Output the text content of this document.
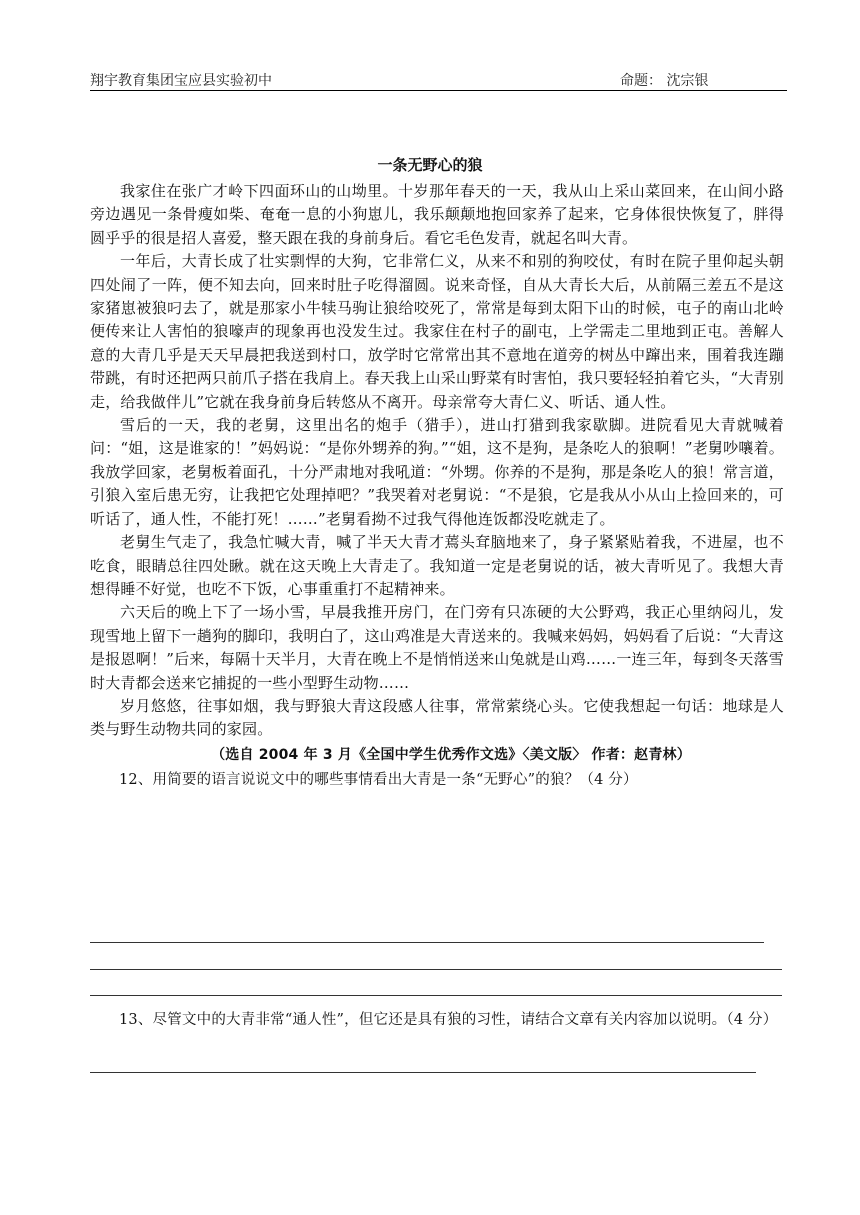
翔宇教育集团宝应县实验初中	命题： 沈宗银
一条无野心的狼

我家住在张广才岭下四面环山的山坳里。十岁那年春天的一天，我从山上采山菜回来，在山间小路旁边遇见一条骨瘦如柴、奄奄一息的小狗崽儿，我乐颠颠地抱回家养了起来，它身体很快恢复了，胖得圆乎乎的很是招人喜爱，整天跟在我的身前身后。看它毛色发青，就起名叫大青。

一年后，大青长成了壮实剽悍的大狗，它非常仁义，从来不和别的狗咬仗，有时在院子里仰起头朝四处闹了一阵，便不知去向，回来时肚子吃得溜圆。说来奇怪，自从大青长大后，从前隔三差五不是这家猪崽被狼叼去了，就是那家小牛犊马驹让狼给咬死了，常常是每到太阳下山的时候，屯子的南山北岭便传来让人害怕的狼嚎声的现象再也没发生过。我家住在村子的副屯，上学需走二里地到正屯。善解人意的大青几乎是天天早晨把我送到村口，放学时它常常出其不意地在道旁的树丛中蹿出来，围着我连蹦带跳，有时还把两只前爪子搭在我肩上。春天我上山采山野菜有时害怕，我只要轻轻拍着它头，“大青别走，给我做伴儿”它就在我身前身后转悠从不离开。母亲常夸大青仁义、听话、通人性。

雪后的一天，我的老舅，这里出名的炮手（猎手），进山打猎到我家歇脚。进院看见大青就喊着问：“姐，这是谁家的！”妈妈说：“是你外甥养的狗。”“姐，这不是狗，是条吃人的狼啊！”老舅吵嚷着。我放学回家，老舅板着面孔，十分严肃地对我吼道：“外甥。你养的不是狗，那是条吃人的狼！常言道，引狼入室后患无穷，让我把它处理掉吧？”我哭着对老舅说：“不是狼，它是我从小从山上捡回来的，可听话了，通人性，不能打死！……”老舅看拗不过我气得他连饭都没吃就走了。

老舅生气走了，我急忙喊大青，喊了半天大青才蔫头耷脑地来了，身子紧紧贴着我，不进屋，也不吃食，眼睛总往四处瞅。就在这天晚上大青走了。我知道一定是老舅说的话，被大青听见了。我想大青想得睡不好觉，也吃不下饭，心事重重打不起精神来。

六天后的晚上下了一场小雪，早晨我推开房门，在门旁有只冻硬的大公野鸡，我正心里纳闷儿，发现雪地上留下一趟狗的脚印，我明白了，这山鸡准是大青送来的。我喊来妈妈，妈妈看了后说：“大青这是报恩啊！”后来，每隔十天半月，大青在晚上不是悄悄送来山兔就是山鸡……一连三年，每到冬天落雪时大青都会送来它捕捉的一些小型野生动物……

岁月悠悠，往事如烟，我与野狼大青这段感人往事，常常萦绕心头。它使我想起一句话：地球是人类与野生动物共同的家园。

（选自 2004 年 3 月《全国中学生优秀作文选》〈美文版〉 作者：赵青林）

12、用简要的语言说说文中的哪些事情看出大青是一条“无野心”的狼？（4 分）

13、尽管文中的大青非常“通人性”，但它还是具有狼的习性，请结合文章有关内容加以说明。（4 分）
